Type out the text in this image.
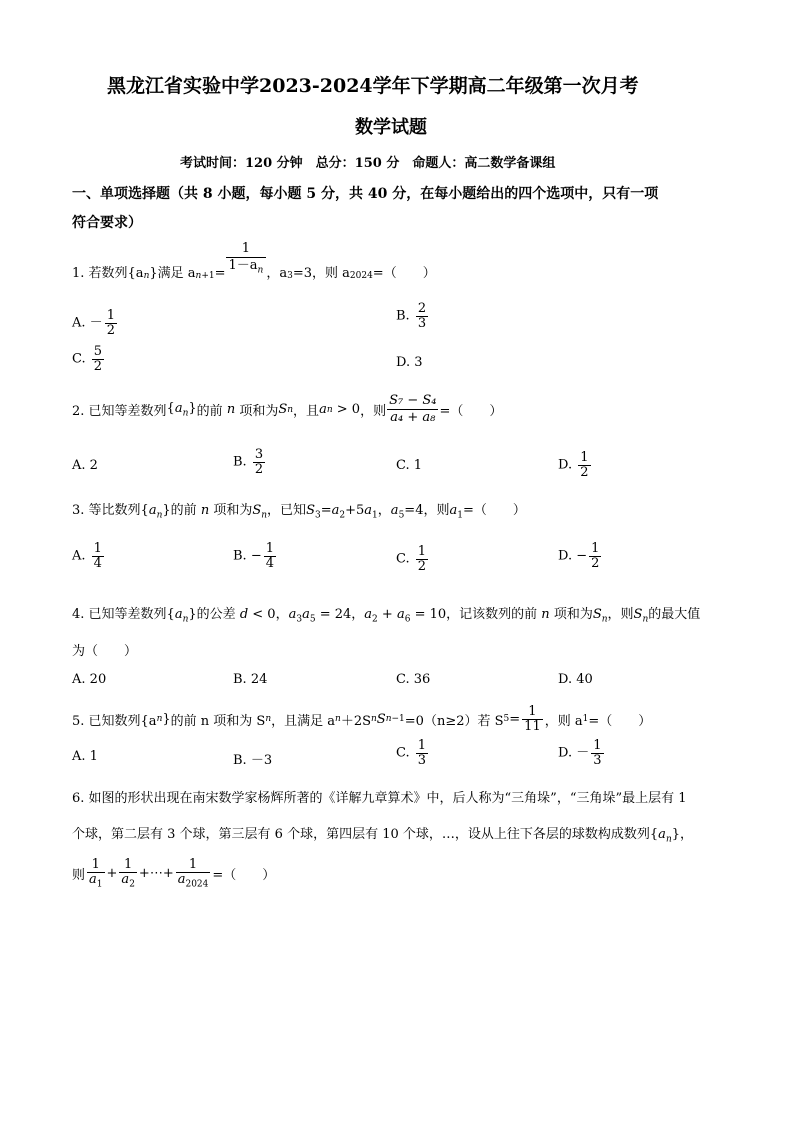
黑龙江省实验中学2023-2024学年下学期高二年级第一次月考
数学试题
考试时间：120 分钟　总分：150 分　命题人：高二数学备课组
一、单项选择题（共 8 小题，每小题 5 分，共 40 分，在每小题给出的四个选项中，只有一项
符合要求）
1. 若数列{$a_n$ } 满足 a $_{n+1} = \frac{1}{1-a_n}$ ，$a_3 =3$，则 $a_{2024}$ =（　　）
A. － $\frac{1}{2}$	B. $\frac{2}{3}$
C. $\frac{5}{2}$	D. 3
2. 已知等差数列 $\{a_n\}$ 的前 n 项和为 S n ，且 a n > 0 ，则 $\frac{\text{S₇ − S₄}}{\text{a₄ + a₈}}$ =（　　）
A. 2	B. $\frac{3}{2}$	C. 1	D. $\frac{1}{2}$
3. 等比数列$\{a_n\}$的前 n 项和为$S_n$，已知$S_3=a_2+5a_1$，$a_5=4$，则$a_1=$（　　）
A. $\frac{1}{4}$	B. − $\frac{1}{4}$	C. $\frac{1}{2}$	D. − $\frac{1}{2}$
4. 已知等差数列$\{a_n\}$的公差 d < 0，$a_3a_5 = 24$，$a_2 + a_6 = 10$，记该数列的前 n 项和为$S_n$，则$S_n$的最大值
为（　　）
A. 20	B. 24	C. 36	D. 40
5. 已知数列{a n } 的前 n 项和为 S n ，且满足 a n ＋2S n S n−1 =0（n≥2）若 S $5 = \frac{1}{11}$ ，则 a 1 =（　　）
A. 1	B. －3	C. $\frac{1}{3}$	D. － $\frac{1}{3}$
6. 如图的形状出现在南宋数学家杨辉所著的《详解九章算术》中，后人称为“三角垛”，“三角垛”最上层有 1
个球，第二层有 3 个球，第三层有 6 个球，第四层有 10 个球，…，设从上往下各层的球数构成数列$\{a_n\}$，
则 $\frac{1}{a_1} + \frac{1}{a_2}$ +⋯+ $\frac{1}{a_{2024}}$ =（　　）
